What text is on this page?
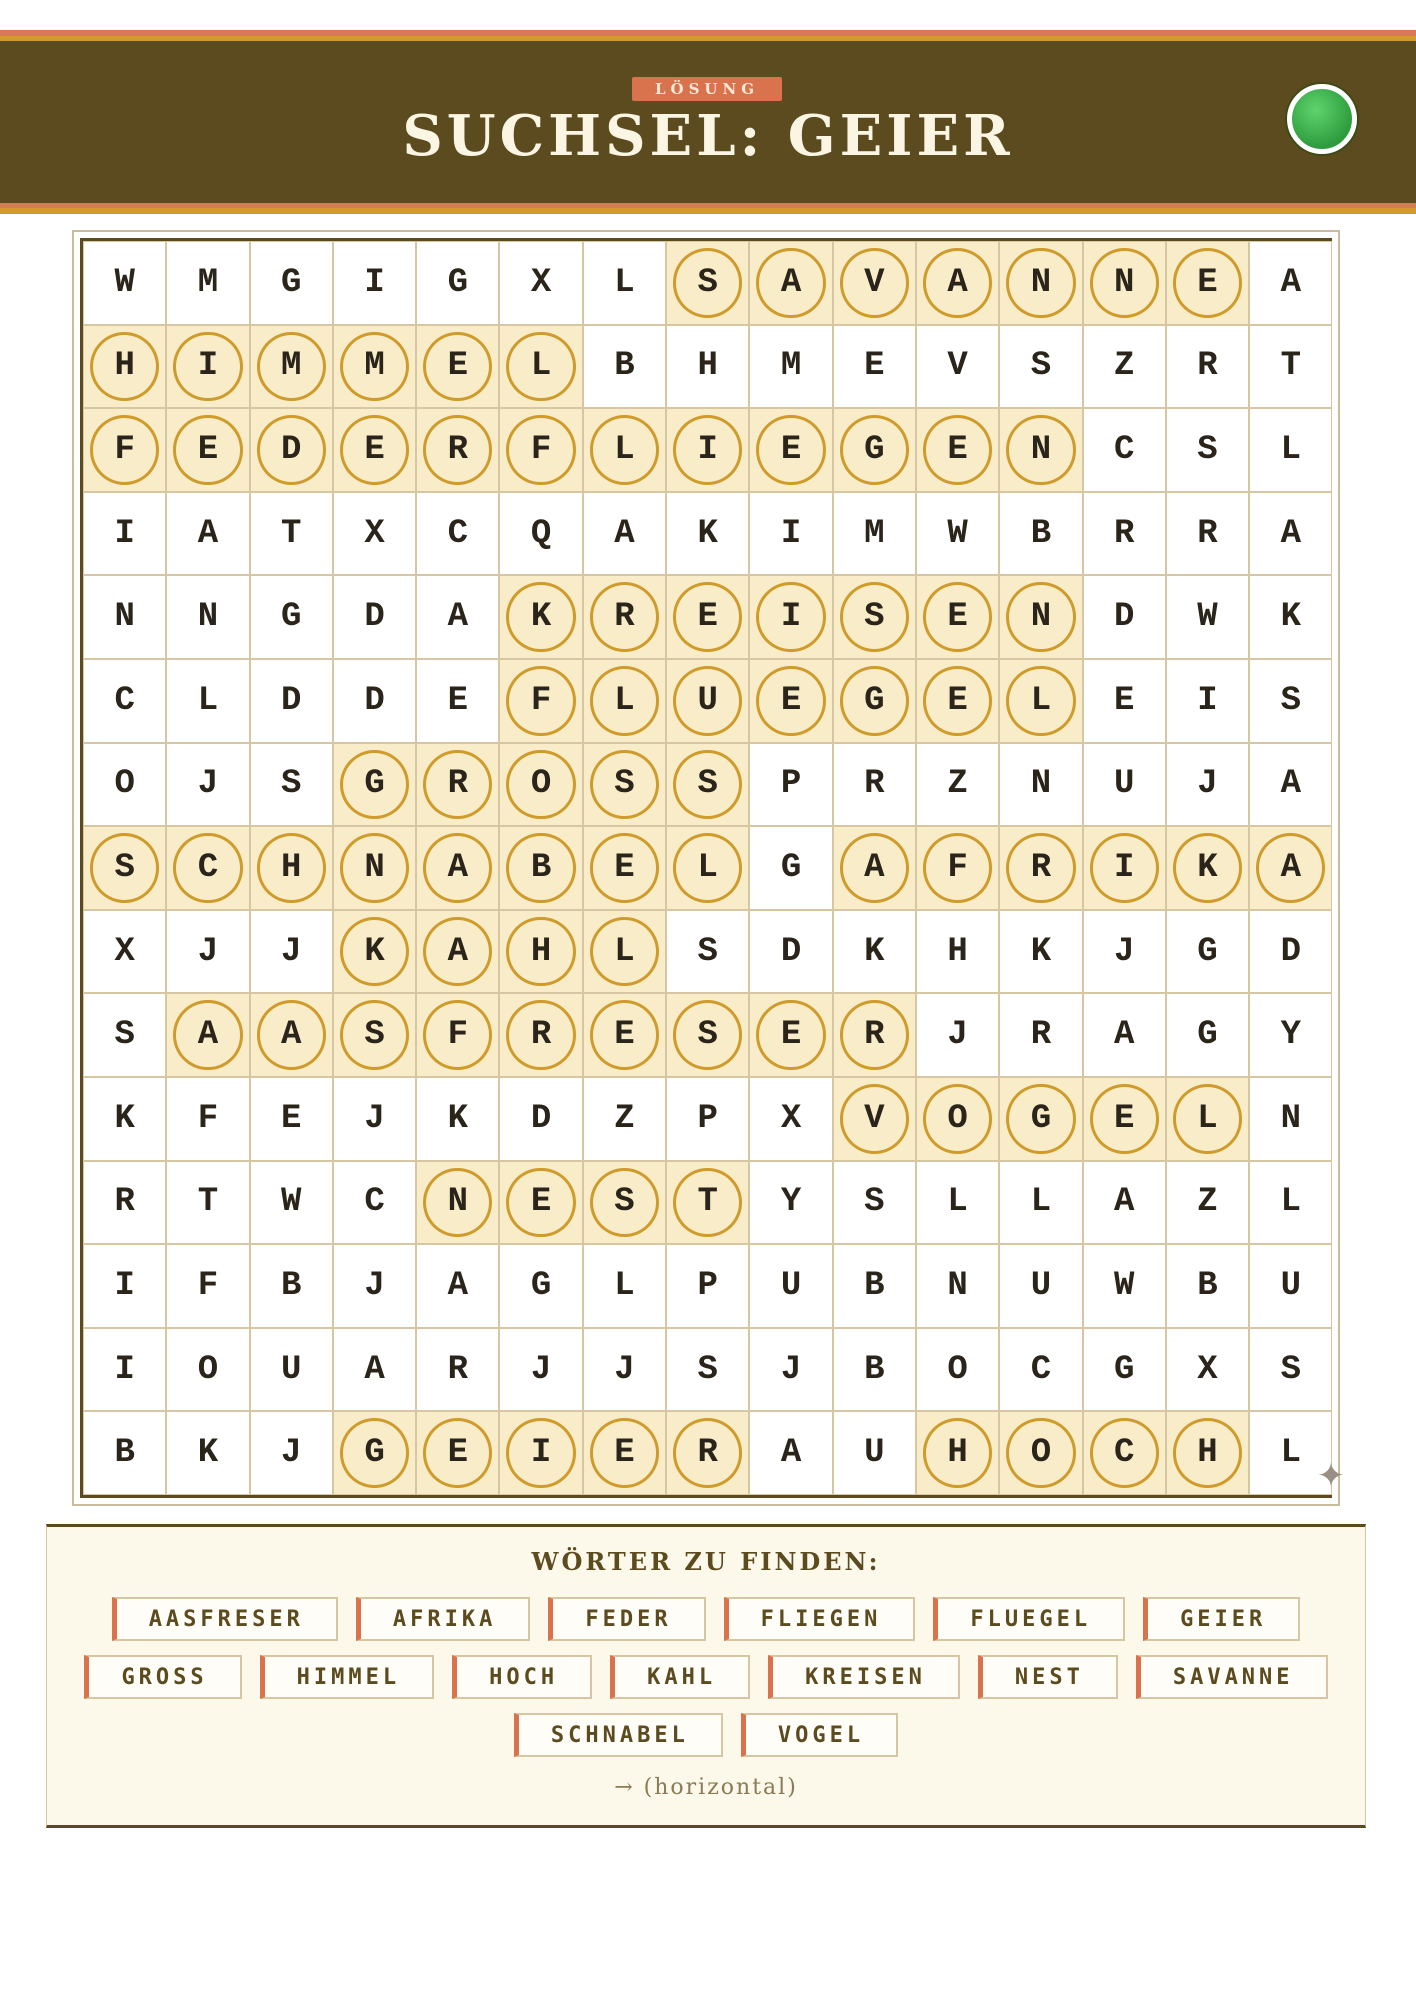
LÖSUNG
SUCHSEL: GEIER
W M G I G X L S A V A N N E A
H I M M E L B H M E V S Z R T
F E D E R F L I E G E N C S L
I A T X C Q A K I M W B R R A
N N G D A K R E I S E N D W K
C L D D E F L U E G E L E I S
O J S G R O S S P R Z N U J A
S C H N A B E L G A F R I K A
X J J K A H L S D K H K J G D
S A A S F R E S E R J R A G Y
K F E J K D Z P X V O G E L N
R T W C N E S T Y S L L A Z L
I F B J A G L P U B N U W B U
I O U A R J J S J B O C G X S
B K J G E I E R A U H O C H L
✦
WÖRTER ZU FINDEN:
AASFRESER	AFRIKA	FEDER	FLIEGEN	FLUEGEL	GEIER
GROSS	HIMMEL	HOCH	KAHL	KREISEN	NEST	SAVANNE
SCHNABEL	VOGEL
→ (horizontal)
